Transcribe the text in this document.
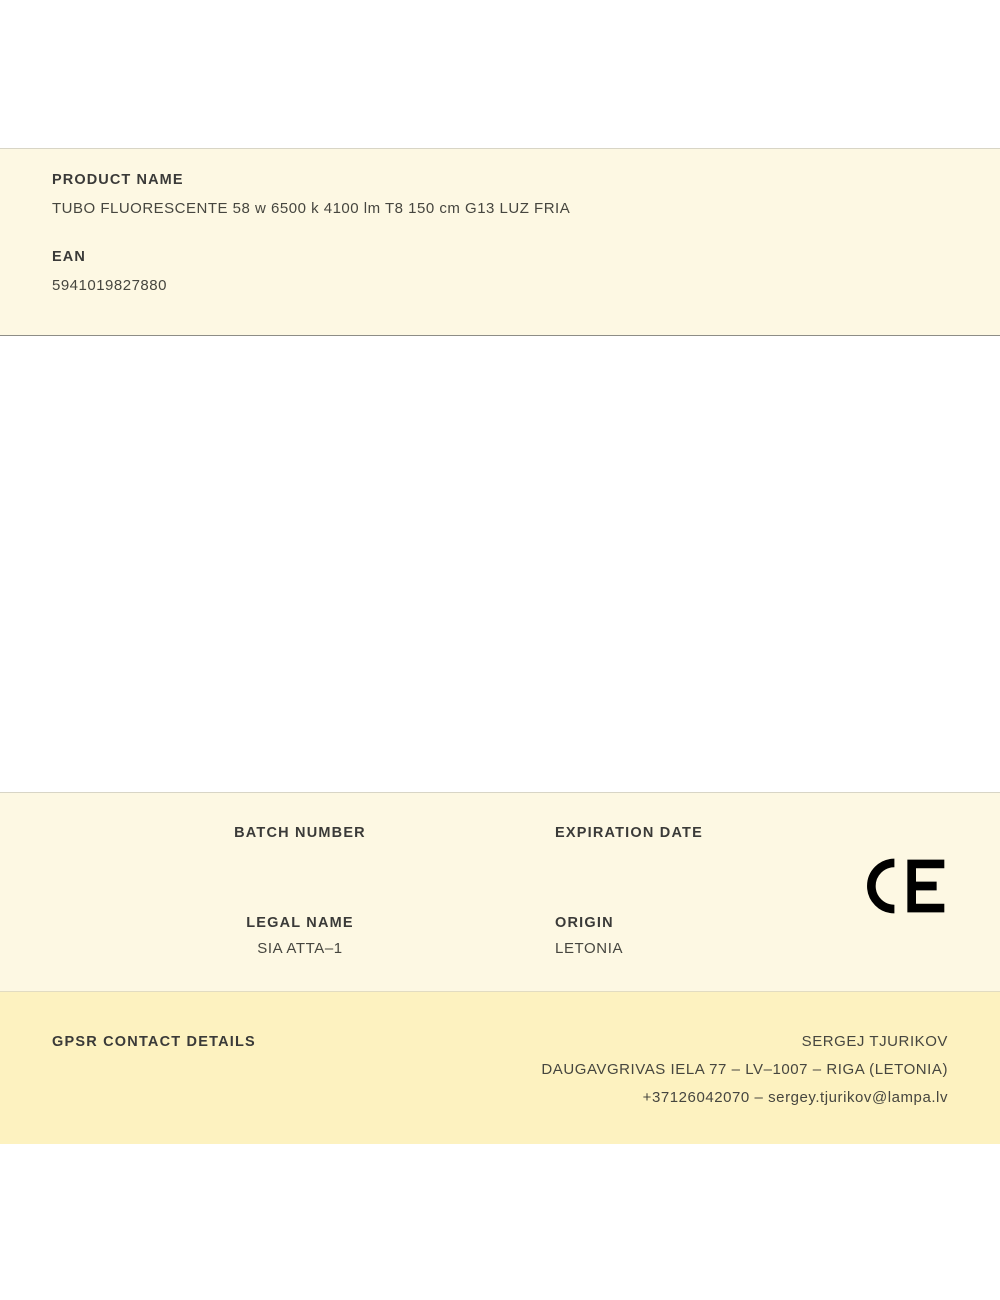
PRODUCT NAME

TUBO FLUORESCENTE 58 w 6500 k 4100 lm T8 150 cm G13 LUZ FRIA

EAN

5941019827880

BATCH NUMBER	EXPIRATION DATE

LEGAL NAME

SIA ATTA–1

ORIGIN

LETONIA

GPSR CONTACT DETAILS	SERGEJ TJURIKOV
DAUGAVGRIVAS IELA 77 – LV–1007 – RIGA (LETONIA)
+37126042070 – sergey.tjurikov@lampa.lv
